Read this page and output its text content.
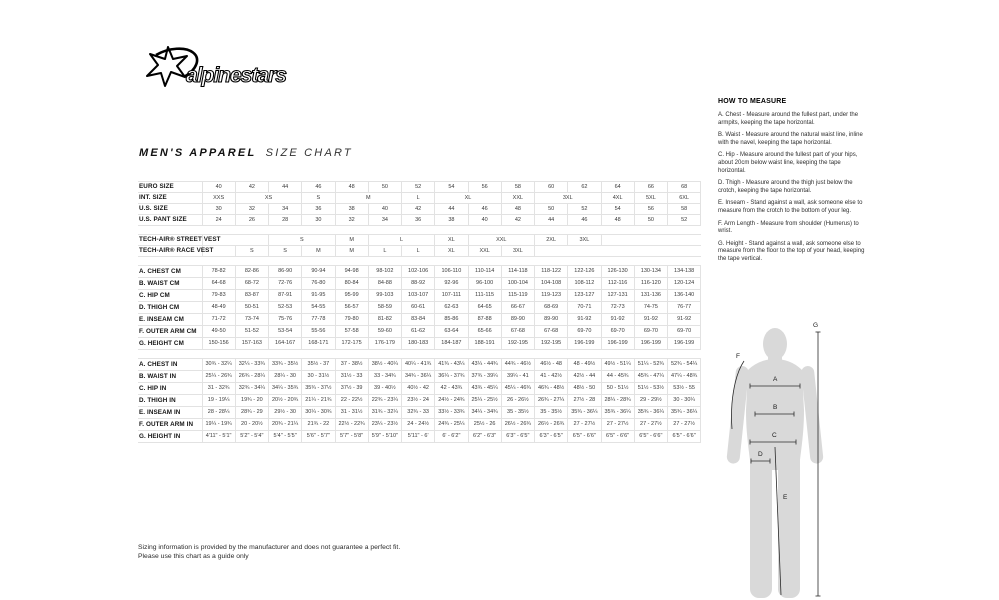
alpinestars
MEN'S APPAREL SIZE CHART
EURO SIZE	40	42	44	46	48	50	52	54	56	58	60	62	64	66	68
INT. SIZE	XXS	XS		S	M		L	XL		XXL	3XL		4XL	5XL	6XL
U.S. SIZE	30	32	34	36	38	40	42	44	46	48	50	52	54	56	58
U.S. PANT SIZE	24	26	28	30	32	34	36	38	40	42	44	46	48	50	52
TECH-AIR® STREET VEST			S		M	L		XL	XXL		2XL	3XL	
TECH-AIR® RACE VEST		S	S	M	M	L	L	XL	XXL	3XL			
A. CHEST CM	78-82	82-86	86-90	90-94	94-98	98-102	102-106	106-110	110-114	114-118	118-122	122-126	126-130	130-134	134-138
B. WAIST CM	64-68	68-72	72-76	76-80	80-84	84-88	88-92	92-96	96-100	100-104	104-108	108-112	112-116	116-120	120-124
C. HIP CM	79-83	83-87	87-91	91-95	95-99	99-103	103-107	107-111	111-115	115-119	119-123	123-127	127-131	131-136	136-140
D. THIGH CM	48-49	50-51	52-53	54-55	56-57	58-59	60-61	62-63	64-65	66-67	68-69	70-71	72-73	74-75	76-77
E. INSEAM CM	71-72	73-74	75-76	77-78	79-80	81-82	83-84	85-86	87-88	89-90	89-90	91-92	91-92	91-92	91-92
F. OUTER ARM CM	49-50	51-52	53-54	55-56	57-58	59-60	61-62	63-64	65-66	67-68	67-68	69-70	69-70	69-70	69-70
G. HEIGHT CM	150-156	157-163	164-167	168-171	172-175	176-179	180-183	184-187	188-191	192-195	192-195	196-199	196-199	196-199	196-199
A. CHEST IN	30¾ - 32¼	32¼ - 33¾	33¾ - 35½	35½ - 37	37 - 38½	38½ - 40¼	40¼ - 41¾	41¾ - 43¼	43¼ - 44¾	44¾ - 46½	46½ - 48	48 - 49½	49½ - 51¼	51¼ - 52¾	52¾ - 54¼
B. WAIST IN	25¼ - 26¾	26¾ - 28¼	28¼ - 30	30 - 31½	31½ - 33	33 - 34¾	34¾ - 36¼	36¼ - 37¾	37¾ - 39¼	39¼ - 41	41 - 42½	42½ - 44	44 - 45¾	45¾ - 47¼	47¼ - 48¾
C. HIP IN	31 - 32¾	32¾ - 34¼	34¼ - 35¾	35¾ - 37½	37½ - 39	39 - 40½	40½ - 42	42 - 43¾	43¾ - 45¼	45¼ - 46¾	46¾ - 48½	48½ - 50	50 - 51½	51½ - 53½	53½ - 55
D. THIGH IN	19 - 19¼	19¾ - 20	20½ - 20¾	21¼ - 21¾	22 - 22½	22¾ - 23¼	23½ - 24	24½ - 24¾	25¼ - 25½	26 - 26½	26¾ - 27¼	27½ - 28	28¼ - 28¾	29 - 29½	30 - 30¼
E. INSEAM IN	28 - 28¼	28¾ - 29	29½ - 30	30¼ - 30¾	31 - 31½	31¾ - 32¼	32¾ - 33	33½ - 33¾	34¼ - 34¾	35 - 35½	35 - 35½	35¾ - 36¼	35¾ - 36¼	35¾ - 36¼	35¾ - 36¼
F. OUTER ARM IN	19¼ - 19¾	20 - 20½	20¾ - 21¼	21¾ - 22	22½ - 22¾	23¼ - 23½	24 - 24½	24¾ - 25¼	25½ - 26	26½ - 26¾	26½ - 26¾	27 - 27½	27 - 27½	27 - 27½	27 - 27½
G. HEIGHT IN	4'11" - 5'1"	5'2" - 5'4"	5'4" - 5'5"	5'6" - 5'7"	5'7" - 5'8"	5'9" - 5'10"	5'11" - 6'	6' - 6'2"	6'2" - 6'3"	6'3" - 6'5"	6'3" - 6'5"	6'5" - 6'6"	6'5" - 6'6"	6'5" - 6'6"	6'5" - 6'6"
HOW TO MEASURE

A. Chest - Measure around the fullest part, under the armpits, keeping the tape horizontal.

B. Waist - Measure around the natural waist line, inline with the navel, keeping the tape horizontal.

C. Hip - Measure around the fullest part of your hips, about 20cm below waist line, keeping the tape horizontal.

D. Thigh - Measure around the thigh just below the crotch, keeping the tape horizontal.

E. Inseam - Stand against a wall, ask someone else to measure from the crotch to the bottom of your leg.

F. Arm Length - Measure from shoulder (Humerus) to wrist.

G. Height - Stand against a wall, ask someone else to measure from the floor to the top of your head, keeping the tape vertical.

A
B
C
D
E
F
G
Sizing information is provided by the manufacturer and does not guarantee a perfect fit.
Please use this chart as a guide only
